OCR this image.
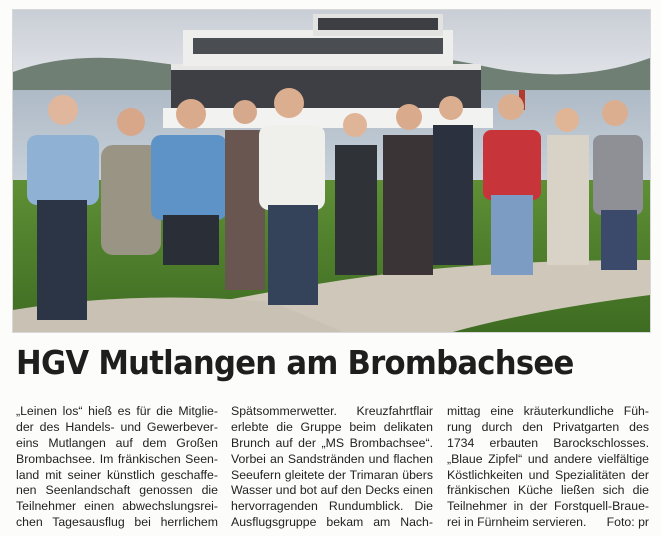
HGV Mutlangen am Brombachsee
„Leinen los“ hieß es für die Mitglie-
der des Handels- und Gewerbever-
eins Mutlangen auf dem Großen
Brombachsee. Im fränkischen Seen-
land mit seiner künstlich geschaffe-
nen Seenlandschaft genossen die
Teilnehmer einen abwechslungsrei-
chen Tagesausflug bei herrlichem
Spätsommerwetter. Kreuzfahrtflair
erlebte die Gruppe beim delikaten
Brunch auf der „MS Brombachsee“.
Vorbei an Sandstränden und flachen
Seeufern gleitete der Trimaran übers
Wasser und bot auf den Decks einen
hervorragenden Rundumblick. Die
Ausflugsgruppe bekam am Nach-
mittag eine kräuterkundliche Füh-
rung durch den Privatgarten des
1734 erbauten Barockschlosses.
„Blaue Zipfel“ und andere vielfältige
Köstlichkeiten und Spezialitäten der
fränkischen Küche ließen sich die
Teilnehmer in der Forstquell-Braue-
rei in Fürnheim servieren. Foto: pr
